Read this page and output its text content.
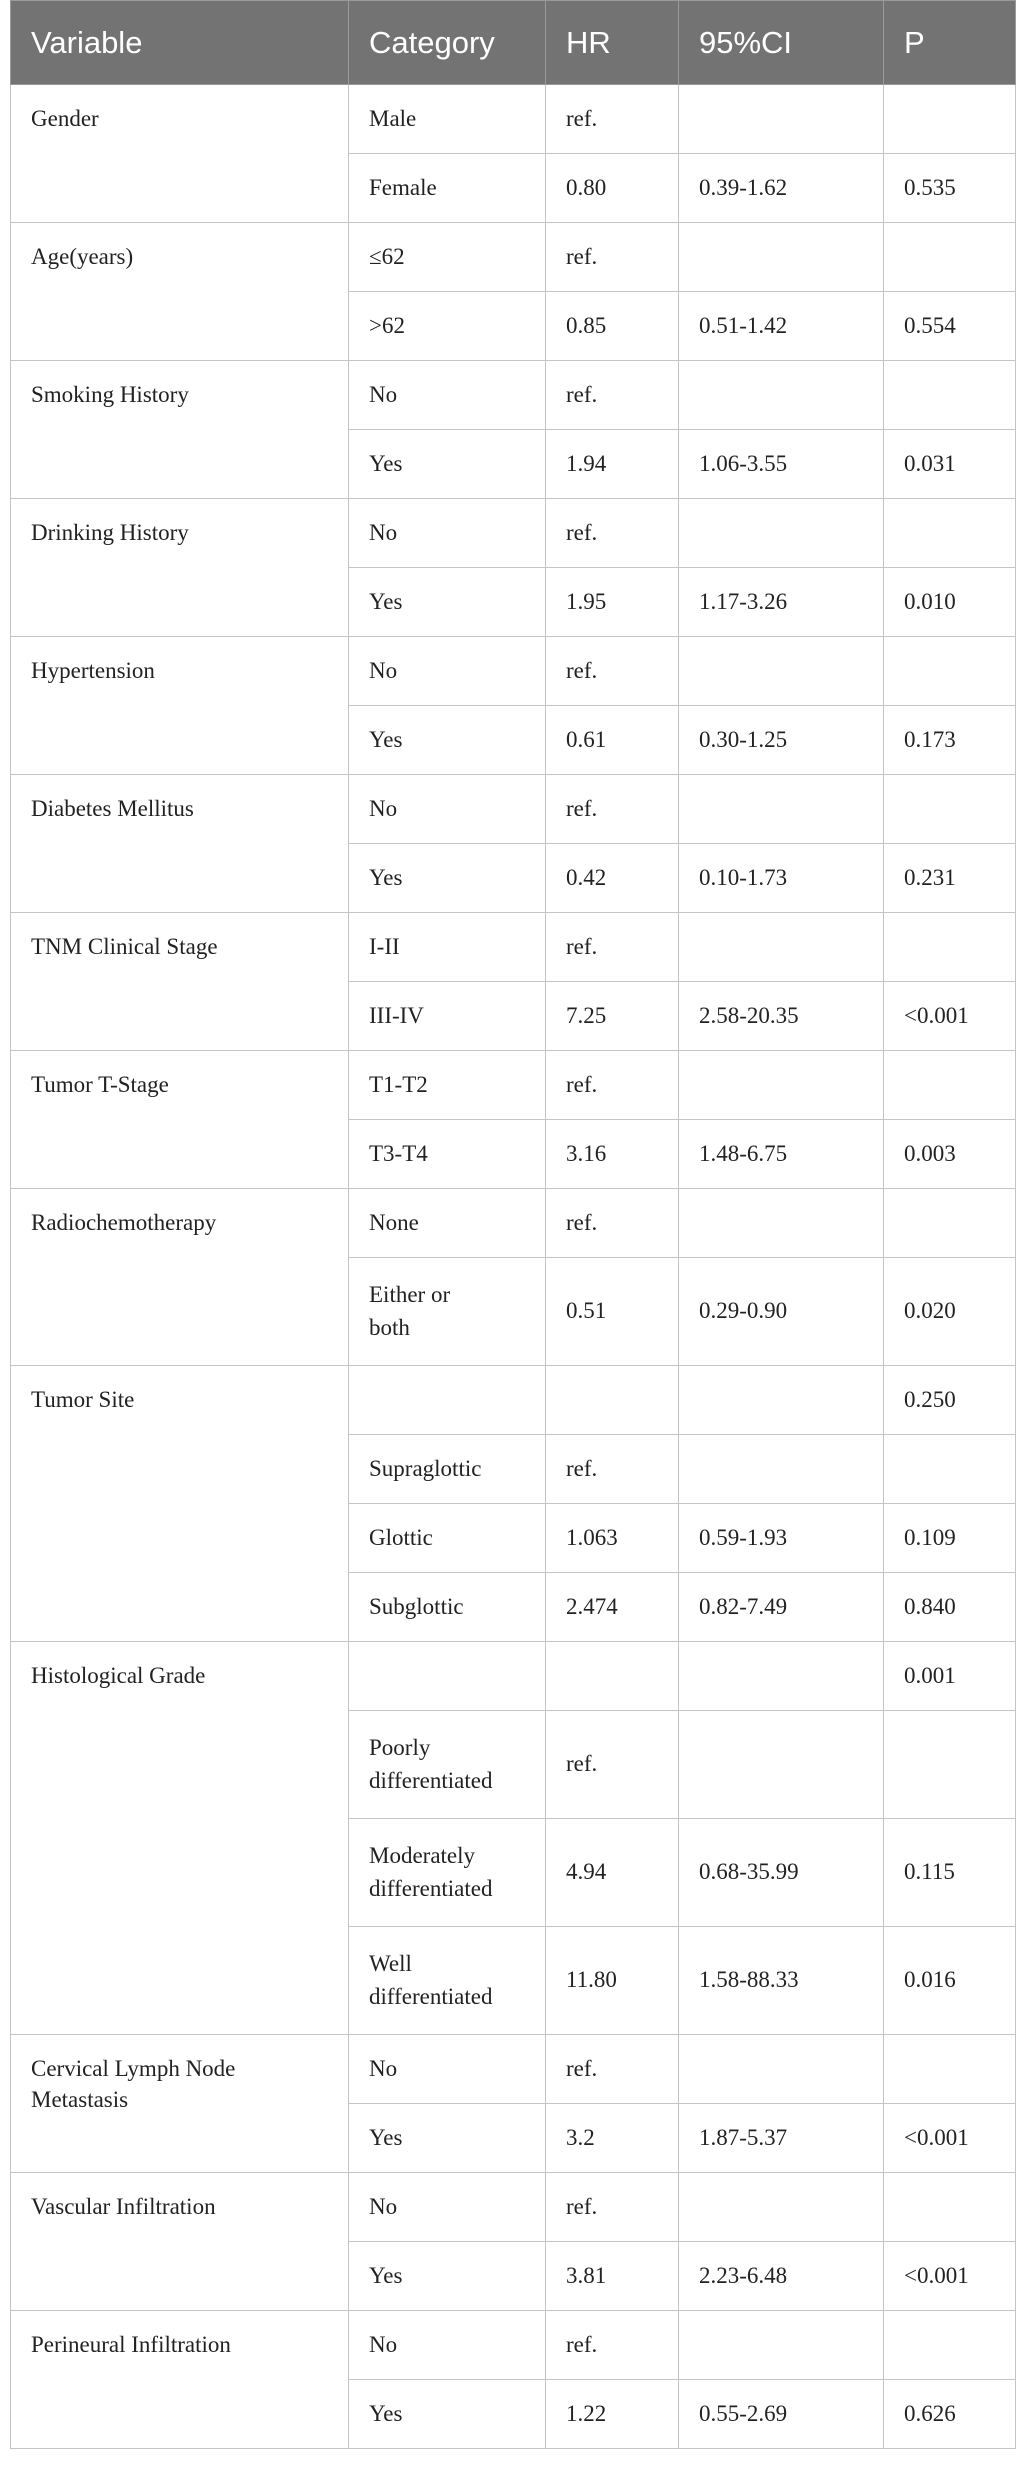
Variable	Category	HR	95%CI	P
Gender	Male	ref.		
	Female	0.80	0.39-1.62	0.535
Age(years)	≤62	ref.		
	>62	0.85	0.51-1.42	0.554
Smoking History	No	ref.		
	Yes	1.94	1.06-3.55	0.031
Drinking History	No	ref.		
	Yes	1.95	1.17-3.26	0.010
Hypertension	No	ref.		
	Yes	0.61	0.30-1.25	0.173
Diabetes Mellitus	No	ref.		
	Yes	0.42	0.10-1.73	0.231
TNM Clinical Stage	I-II	ref.		
	III-IV	7.25	2.58-20.35	<0.001
Tumor T-Stage	T1-T2	ref.		
	T3-T4	3.16	1.48-6.75	0.003
Radiochemotherapy	None	ref.		

	Either or
both	0.51	0.29-0.90	0.020
Tumor Site				0.250
	Supraglottic	ref.		
	Glottic	1.063	0.59-1.93	0.109
	Subglottic	2.474	0.82-7.49	0.840
Histological Grade				0.001

	Poorly
differentiated	ref.		

	Moderately
differentiated	4.94	0.68-35.99	0.115

	Well
differentiated	11.80	1.58-88.33	0.016

Cervical Lymph Node
Metastasis	No	ref.		
	Yes	3.2	1.87-5.37	<0.001
Vascular Infiltration	No	ref.		
	Yes	3.81	2.23-6.48	<0.001
Perineural Infiltration	No	ref.		
	Yes	1.22	0.55-2.69	0.626
